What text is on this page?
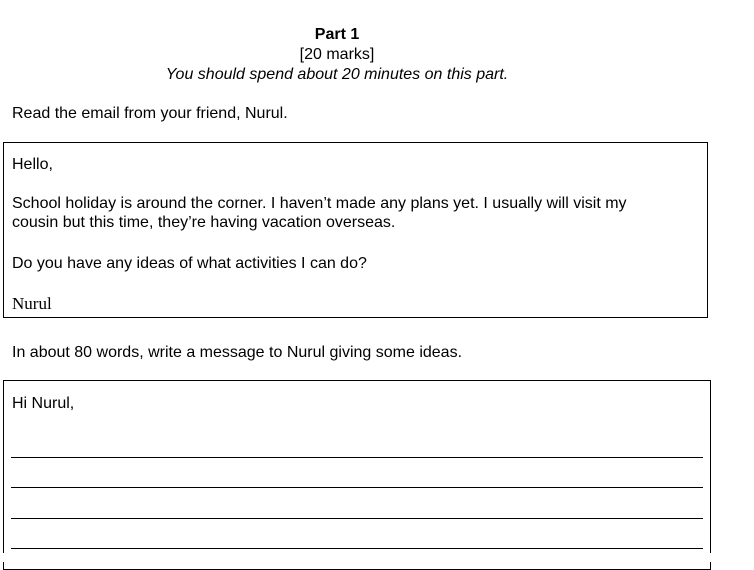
Part 1
[20 marks]
You should spend about 20 minutes on this part.
Read the email from your friend, Nurul.
Hello,
School holiday is around the corner. I haven’t made any plans yet. I usually will visit my
cousin but this time, they’re having vacation overseas.
Do you have any ideas of what activities I can do?
Nurul
In about 80 words, write a message to Nurul giving some ideas.
Hi Nurul,
